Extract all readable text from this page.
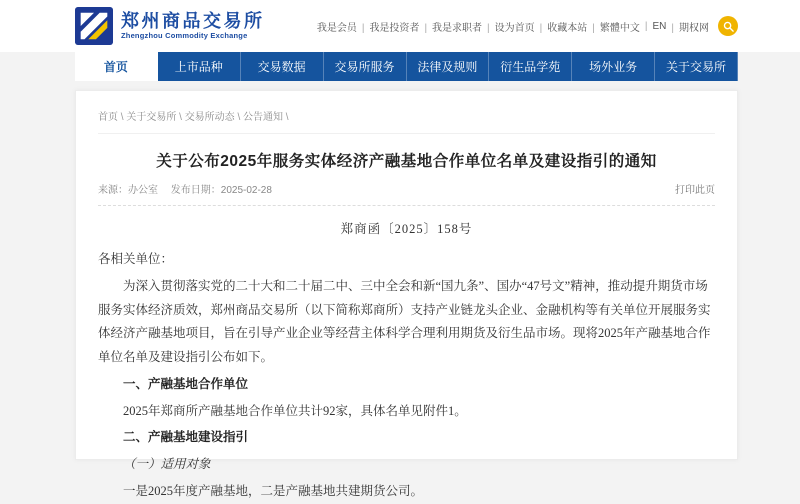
郑州商品交易所
Zhengzhou Commodity Exchange
我是会员	| 我是投资者	| 我是求职者	| 设为首页	| 收藏本站	| 繁體中文	| EN	| 期权网
首页	上市品种	交易数据	交易所服务	法律及规则	衍生品学苑	场外业务	关于交易所
首页 \ 关于交易所 \ 交易所动态 \ 公告通知 \
关于公布2025年服务实体经济产融基地合作单位名单及建设指引的通知
来源：办公室 发布日期：2025-02-28	打印此页
郑商函〔2025〕158号

各相关单位：

为深入贯彻落实党的二十大和二十届二中、三中全会和新“国九条”、国办“47号文”精神，推动提升期货市场服务实体经济质效，郑州商品交易所（以下简称郑商所）支持产业链龙头企业、金融机构等有关单位开展服务实体经济产融基地项目，旨在引导产业企业等经营主体科学合理利用期货及衍生品市场。现将2025年产融基地合作单位名单及建设指引公布如下。

一、产融基地合作单位

2025年郑商所产融基地合作单位共计92家，具体名单见附件1。

二、产融基地建设指引

（一）适用对象

一是2025年度产融基地，二是产融基地共建期货公司。
